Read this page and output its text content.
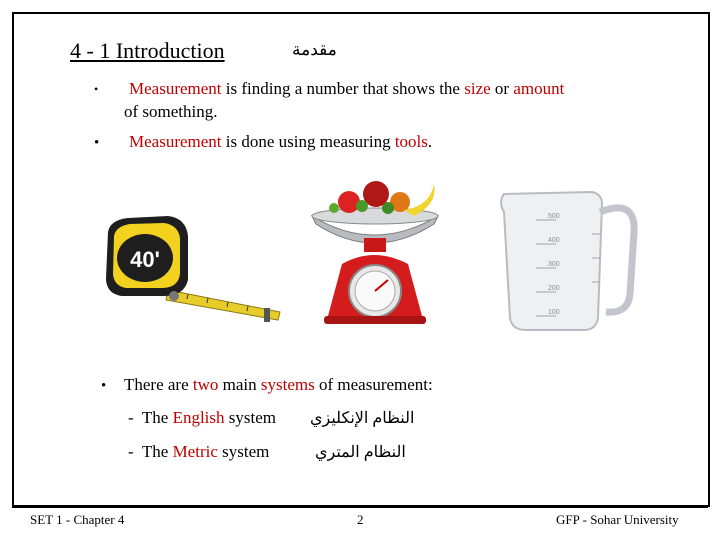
4 - 1 Introduction	مقدمة
• Measurement is finding a number that shows the size or amount
of something.
• Measurement is done using measuring tools.
40'
500
400
300
200
100
• There are two main systems of measurement:
- The English system النظام الإنكليزي
- The Metric system	النظام المتري
SET 1 - Chapter 4	2	GFP - Sohar University
